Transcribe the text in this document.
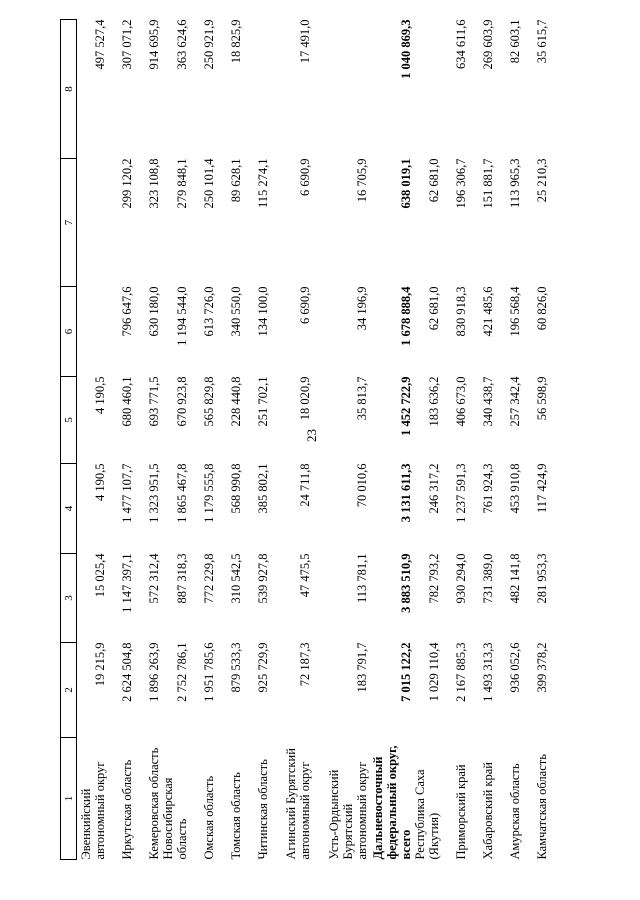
23
1	2	3	4	5	6	7	8
Эвенкийский автономный округ	19 215,9	15 025,4	4 190,5	4 190,5			497 527,4
Иркутская область	2 624 504,8	1 147 397,1	1 477 107,7	680 460,1	796 647,6	299 120,2	307 071,2
Кемеровская область	1 896 263,9	572 312,4	1 323 951,5	693 771,5	630 180,0	323 108,8	914 695,9
Новосибирская область	2 752 786,1	887 318,3	1 865 467,8	670 923,8	1 194 544,0	279 848,1	363 624,6
Омская область	1 951 785,6	772 229,8	1 179 555,8	565 829,8	613 726,0	250 101,4	250 921,9
Томская область	879 533,3	310 542,5	568 990,8	228 440,8	340 550,0	89 628,1	18 825,9
Читинская область	925 729,9	539 927,8	385 802,1	251 702,1	134 100,0	115 274,1	
Агинский Бурятский автономный округ	72 187,3	47 475,5	24 711,8	18 020,9	6 690,9	6 690,9	17 491,0
Усть-Ордынский Бурятский автономный округ	183 791,7	113 781,1	70 010,6	35 813,7	34 196,9	16 705,9	
Дальневосточный федеральный округ, всего	7 015 122,2	3 883 510,9	3 131 611,3	1 452 722,9	1 678 888,4	638 019,1	1 040 869,3
Республика Саха (Якутия)	1 029 110,4	782 793,2	246 317,2	183 636,2	62 681,0	62 681,0	
Приморский край	2 167 885,3	930 294,0	1 237 591,3	406 673,0	830 918,3	196 306,7	634 611,6
Хабаровский край	1 493 313,3	731 389,0	761 924,3	340 438,7	421 485,6	151 881,7	269 603,9
Амурская область	936 052,6	482 141,8	453 910,8	257 342,4	196 568,4	113 965,3	82 603,1
Камчатская область	399 378,2	281 953,3	117 424,9	56 598,9	60 826,0	25 210,3	35 615,7
